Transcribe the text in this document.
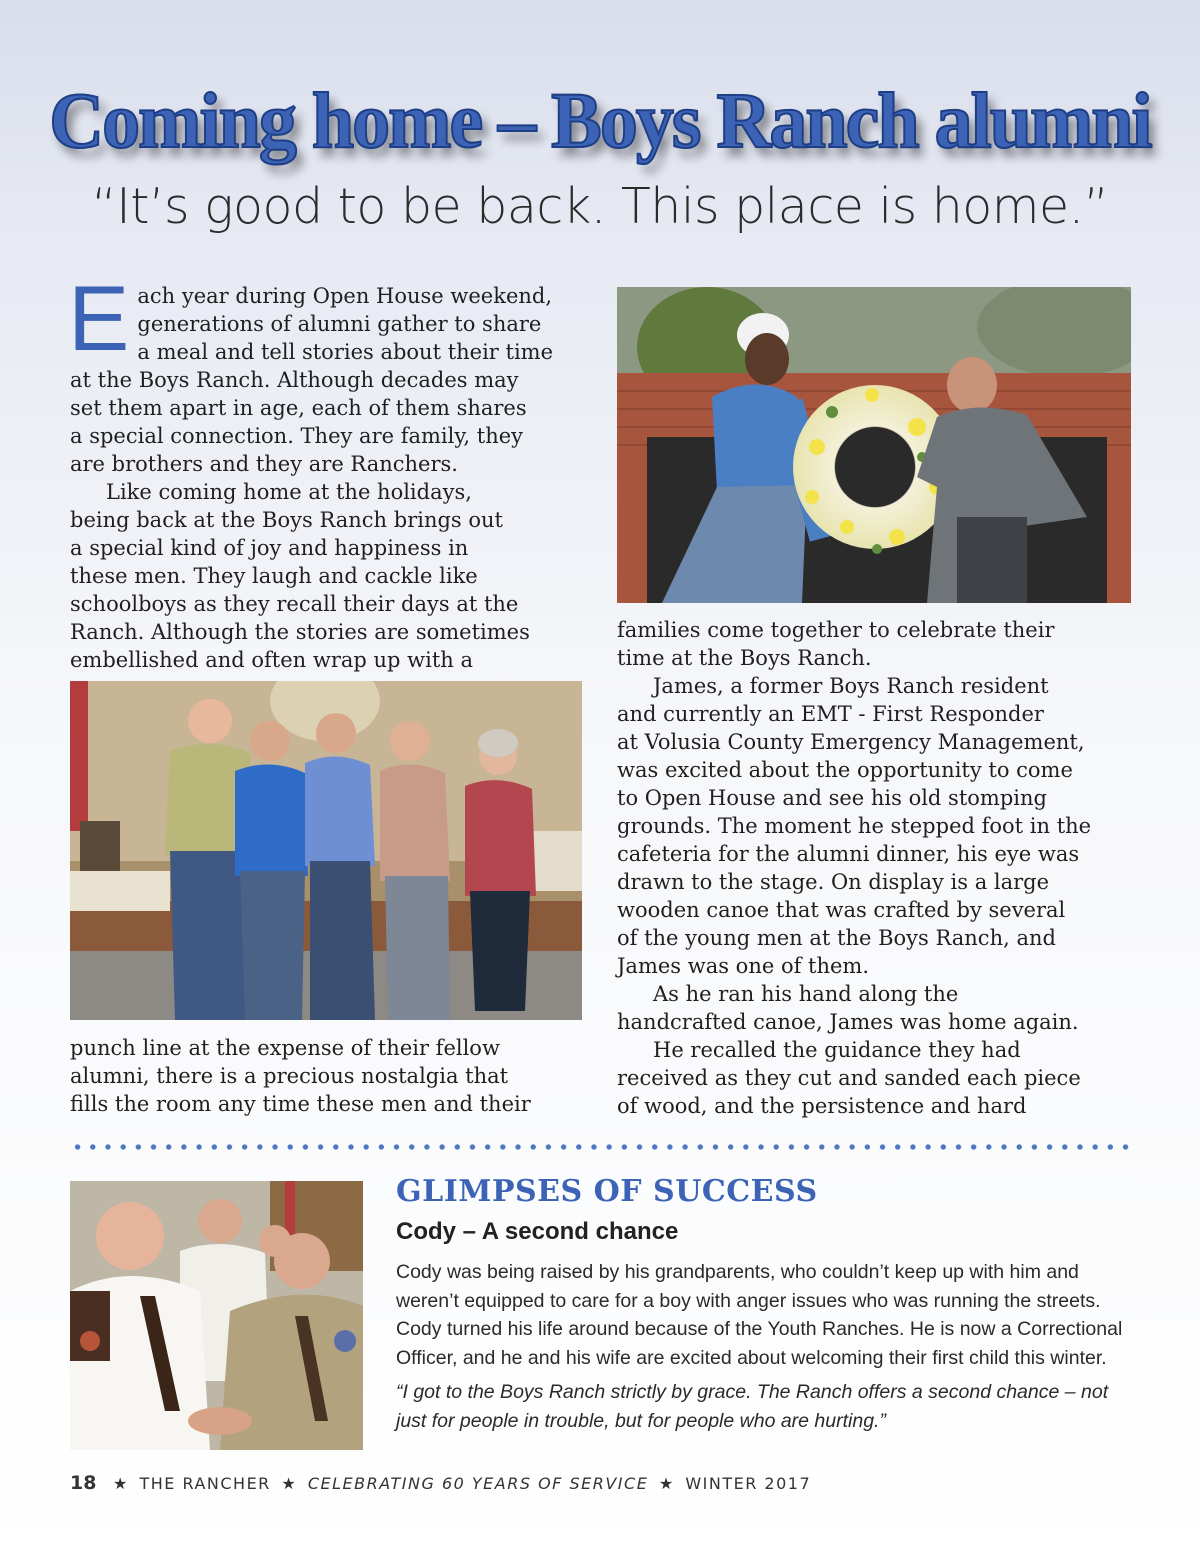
Coming home – Boys Ranch alumni
“It’s good to be back. This place is home.”
E ach year during Open House weekend,

generations of alumni gather to share

a meal and tell stories about their time

at the Boys Ranch. Although decades may

set them apart in age, each of them shares

a special connection. They are family, they

are brothers and they are Ranchers.

Like coming home at the holidays,

being back at the Boys Ranch brings out

a special kind of joy and happiness in

these men. They laugh and cackle like

schoolboys as they recall their days at the

Ranch. Although the stories are sometimes

embellished and often wrap up with a

punch line at the expense of their fellow

alumni, there is a precious nostalgia that

fills the room any time these men and their

families come together to celebrate their

time at the Boys Ranch.

James, a former Boys Ranch resident

and currently an EMT - First Responder

at Volusia County Emergency Management,

was excited about the opportunity to come

to Open House and see his old stomping

grounds. The moment he stepped foot in the

cafeteria for the alumni dinner, his eye was

drawn to the stage. On display is a large

wooden canoe that was crafted by several

of the young men at the Boys Ranch, and

James was one of them.

As he ran his hand along the

handcrafted canoe, James was home again.

He recalled the guidance they had

received as they cut and sanded each piece

of wood, and the persistence and hard

GLIMPSES OF SUCCESS
Cody – A second chance

Cody was being raised by his grandparents, who couldn’t keep up with him and

weren’t equipped to care for a boy with anger issues who was running the streets.

Cody turned his life around because of the Youth Ranches. He is now a Correctional

Officer, and he and his wife are excited about welcoming their first child this winter.

“I got to the Boys Ranch strictly by grace. The Ranch offers a second chance – not

just for people in trouble, but for people who are hurting.”

18 ★ THE RANCHER ★ CELEBRATING 60 YEARS OF SERVICE ★ WINTER 2017
